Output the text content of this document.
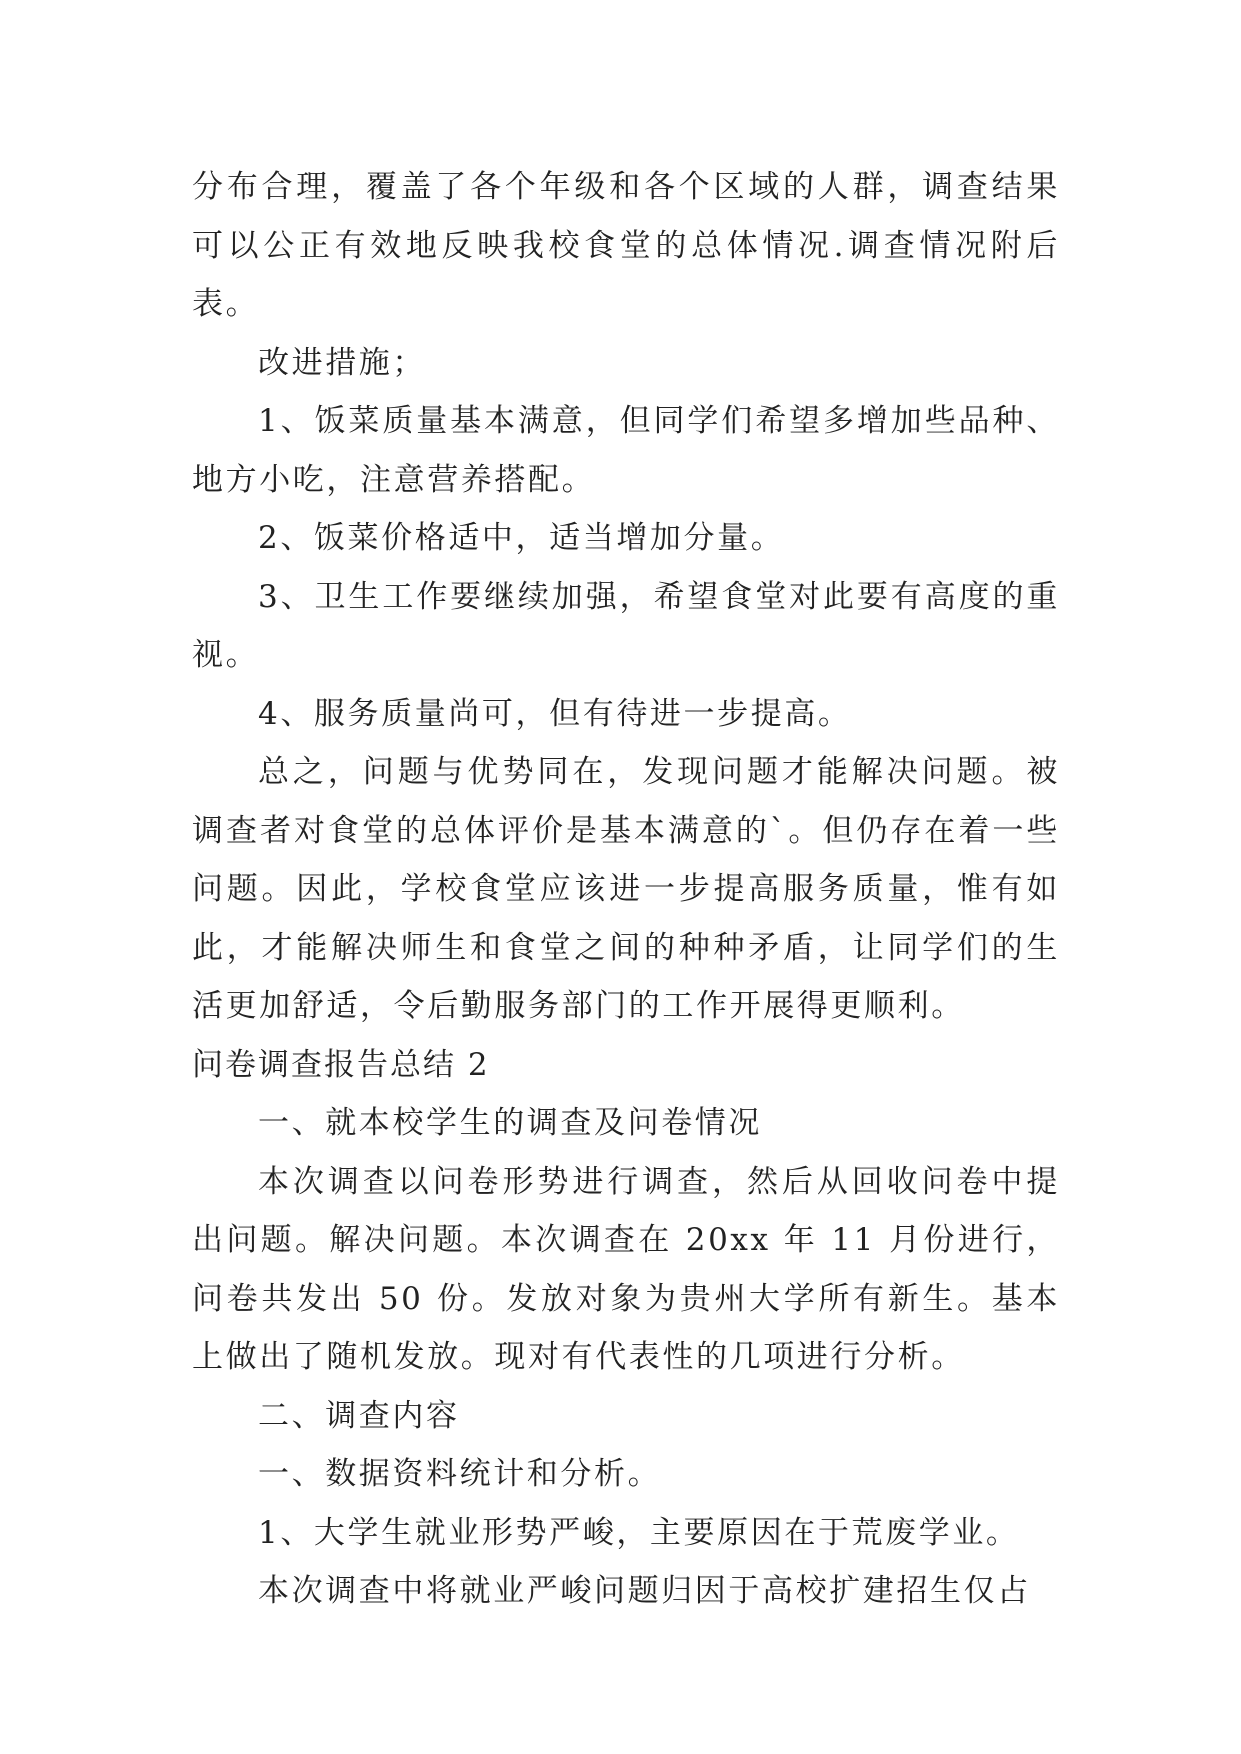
分布合理，覆盖了各个年级和各个区域的人群，调查结果可以公正有效地反映我校食堂的总体情况.调查情况附后表。

改进措施；

1、饭菜质量基本满意，但同学们希望多增加些品种、地方小吃，注意营养搭配。

2、饭菜价格适中，适当增加分量。

3、卫生工作要继续加强，希望食堂对此要有高度的重视。

4、服务质量尚可，但有待进一步提高。

总之，问题与优势同在，发现问题才能解决问题。被调查者对食堂的总体评价是基本满意的`。但仍存在着一些问题。因此，学校食堂应该进一步提高服务质量，惟有如此，才能解决师生和食堂之间的种种矛盾，让同学们的生活更加舒适，令后勤服务部门的工作开展得更顺利。

问卷调查报告总结 2

一、就本校学生的调查及问卷情况

本次调查以问卷形势进行调查，然后从回收问卷中提出问题。解决问题。本次调查在 20xx 年 11 月份进行，问卷共发出 50 份。发放对象为贵州大学所有新生。基本上做出了随机发放。现对有代表性的几项进行分析。

二、调查内容

一、数据资料统计和分析。

1、大学生就业形势严峻，主要原因在于荒废学业。

本次调查中将就业严峻问题归因于高校扩建招生仅占
